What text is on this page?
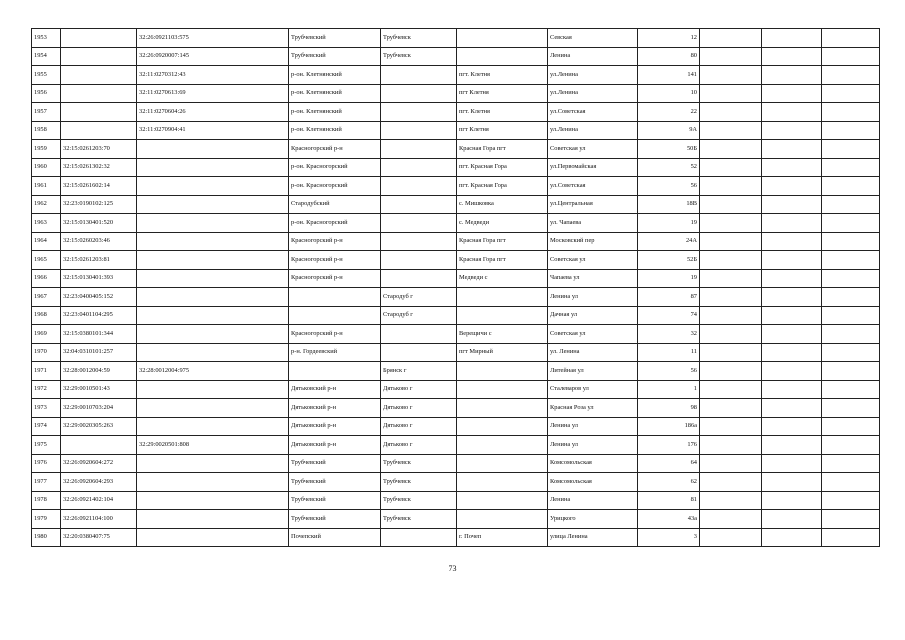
1953		32:26:0921103:575	Трубчевский	Трубчевск		Севская	12			
1954		32:26:0920007:145	Трубчевский	Трубчевск		Ленина	80			
1955		32:11:0270312:43	р-он. Клетнянский		пгт. Клетня	ул.Ленина	141			
1956		32:11:0270613:69	р-он. Клетнянский		пгт Клетня	ул.Ленина	10			
1957		32:11:0270604:26	р-он. Клетнянский		пгт. Клетня	ул.Советская	22			
1958		32:11:0270904:41	р-он. Клетнянский		пгт Клетня	ул.Ленина	9А			
1959	32:15:0261203:70		Красногорский р-н		Красная Гора пгт	Советская ул	50Б			
1960	32:15:0261302:32		р-он. Красногорский		пгт. Красная Гора	ул.Первомайская	52			
1961	32:15:0261602:14		р-он. Красногорский		пгт. Красная Гора	ул.Советская	56			
1962	32:23:0190102:125		Стародубский		с. Мишковка	ул.Центральная	18В			
1963	32:15:0130401:520		р-он. Красногорский		с. Медведи	ул. Чапаева	19			
1964	32:15:0260203:46		Красногорский р-н		Красная Гора пгт	Московский пер	24А			
1965	32:15:0261203:81		Красногорский р-н		Красная Гора пгт	Советская ул	52Б			
1966	32:15:0130401:393		Красногорский р-н		Медведи с	Чапаева ул	19			
1967	32:23:0400405:152			Стародуб г		Ленина ул	87			
1968	32:23:0401104:295			Стародуб г		Дачная ул	74			
1969	32:15:0380101:344		Красногорский р-н		Верещичи с	Советская ул	32			
1970	32:04:0310101:257		р-н. Гордеевский		пгт Мирный	ул. Ленина	11			
1971	32:28:0012004:59	32:28:0012004:975		Брянск г		Литейная ул	56			
1972	32:29:0010501:43		Дятьковский р-н	Дятьково г		Сталеваров ул	1			
1973	32:29:0010703:204		Дятьковский р-н	Дятьково г		Красная Роза ул	98			
1974	32:29:0020305:263		Дятьковский р-н	Дятьково г		Ленина ул	186а			
1975		32:29:0020501:808	Дятьковский р-н	Дятьково г		Ленина ул	176			
1976	32:26:0920604:272		Трубчевский	Трубчевск		Комсомольская	64			
1977	32:26:0920604:293		Трубчевский	Трубчевск		Комсомольская	62			
1978	32:26:0921402:104		Трубчевский	Трубчевск		Ленина	81			
1979	32:26:0921104:100		Трубчевский	Трубчевск		Урицкого	43а			
1980	32:20:0380407:75		Почепский		г. Почеп	улица Ленина	3			
73
